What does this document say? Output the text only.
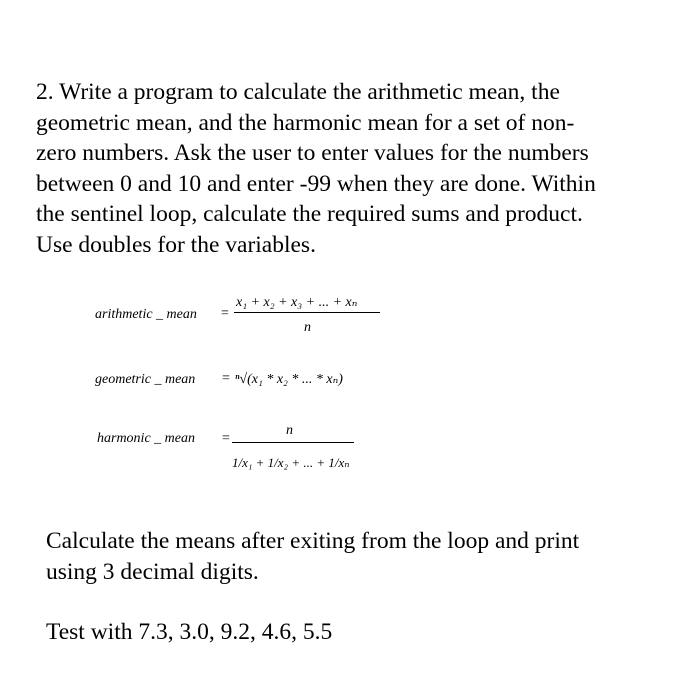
2. Write a program to calculate the arithmetic mean, the
geometric mean, and the harmonic mean for a set of non-
zero numbers. Ask the user to enter values for the numbers
between 0 and 10 and enter -99 when they are done. Within
the sentinel loop, calculate the required sums and product.
Use doubles for the variables.
arithmetic _ mean =
x₁ + x₂ + x₃ + ... + xₙ
n
geometric _ mean = ⁿ√(x₁ * x₂ * ... * xₙ)
harmonic _ mean =
n
1/x₁ + 1/x₂ + ... + 1/xₙ
Calculate the means after exiting from the loop and print
using 3 decimal digits.
Test with 7.3, 3.0, 9.2, 4.6, 5.5
